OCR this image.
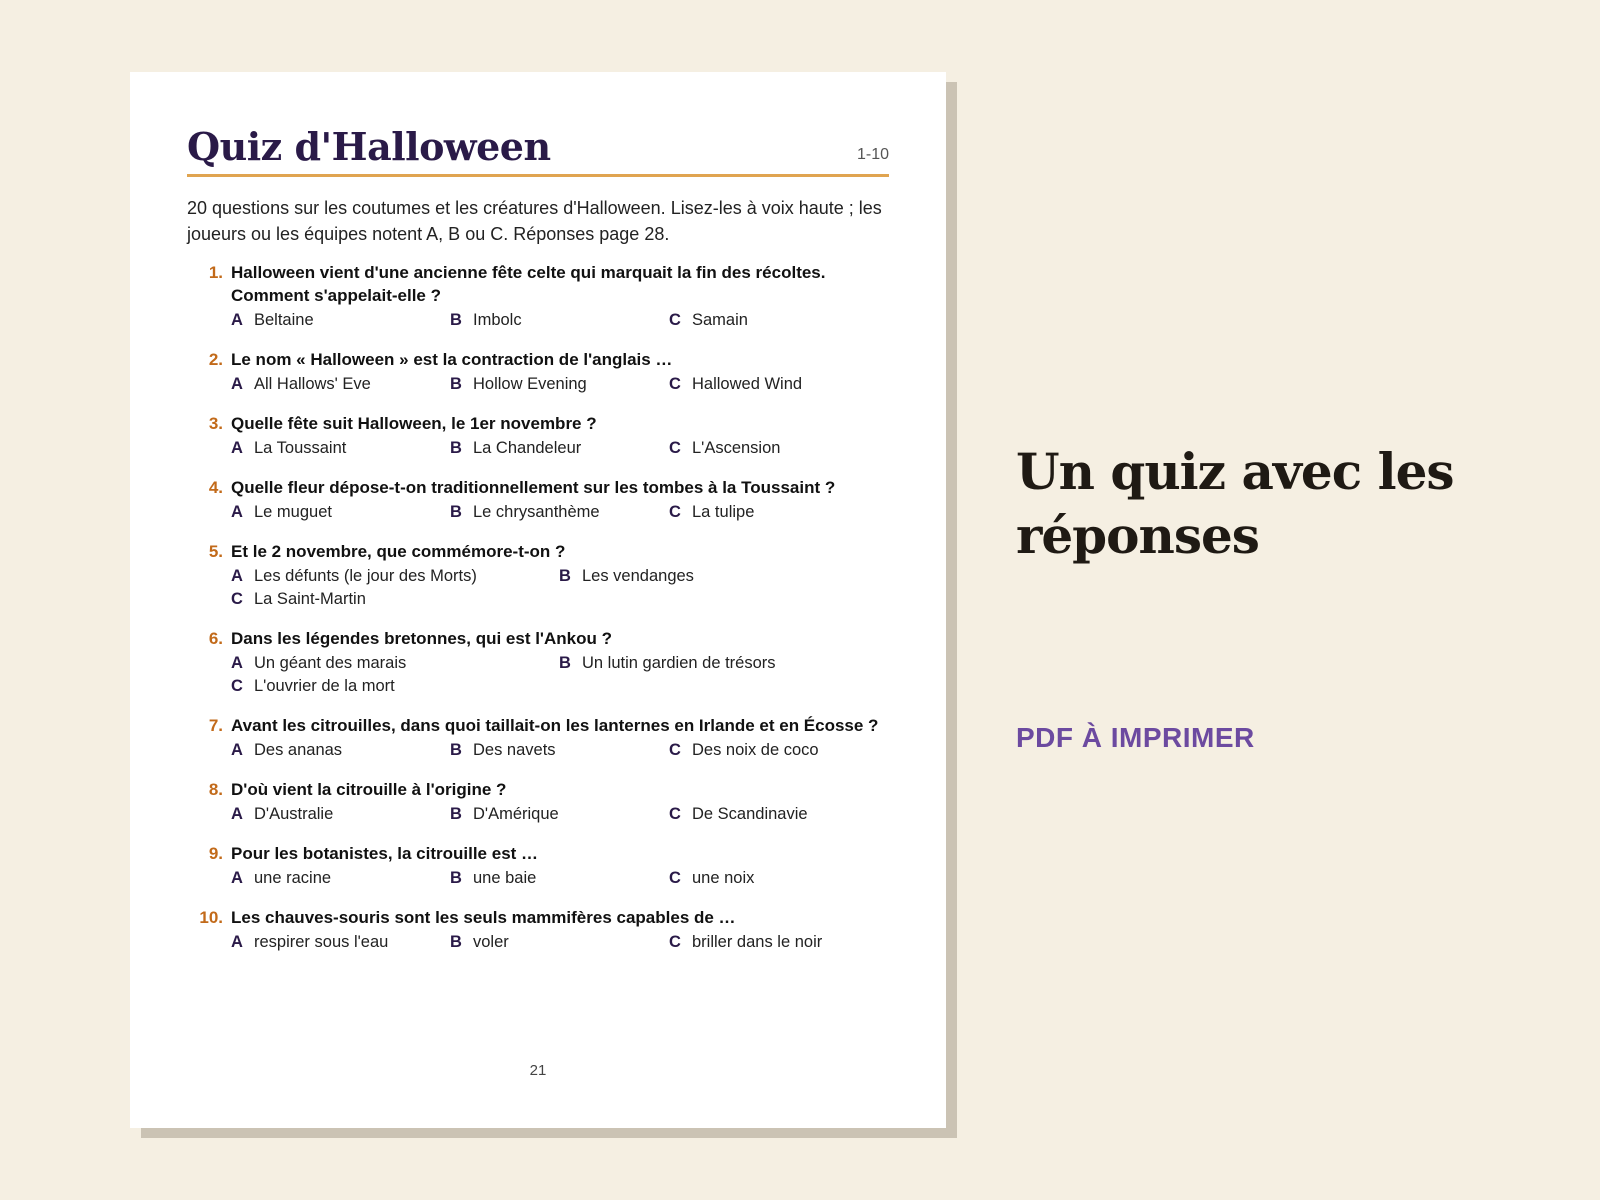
Quiz d'Halloween	1-10
20 questions sur les coutumes et les créatures d'Halloween. Lisez-les à voix haute ; les joueurs ou les équipes notent A, B ou C. Réponses page 28.
1. Halloween vient d'une ancienne fête celte qui marquait la fin des récoltes. Comment s'appelait-elle ?
A Beltaine	B Imbolc	C Samain
2. Le nom « Halloween » est la contraction de l'anglais …
A All Hallows' Eve	B Hollow Evening	C Hallowed Wind
3. Quelle fête suit Halloween, le 1er novembre ?
A La Toussaint	B La Chandeleur	C L'Ascension
4. Quelle fleur dépose-t-on traditionnellement sur les tombes à la Toussaint ?
A Le muguet	B Le chrysanthème	C La tulipe
5. Et le 2 novembre, que commémore-t-on ?
A Les défunts (le jour des Morts)	B Les vendanges
C La Saint-Martin
6. Dans les légendes bretonnes, qui est l'Ankou ?
A Un géant des marais	B Un lutin gardien de trésors
C L'ouvrier de la mort
7. Avant les citrouilles, dans quoi taillait-on les lanternes en Irlande et en Écosse ?
A Des ananas	B Des navets	C Des noix de coco
8. D'où vient la citrouille à l'origine ?
A D'Australie	B D'Amérique	C De Scandinavie
9. Pour les botanistes, la citrouille est …
A une racine	B une baie	C une noix
10. Les chauves-souris sont les seuls mammifères capables de …
A respirer sous l'eau	B voler	C briller dans le noir
21
Un quiz avec les réponses
PDF À IMPRIMER
